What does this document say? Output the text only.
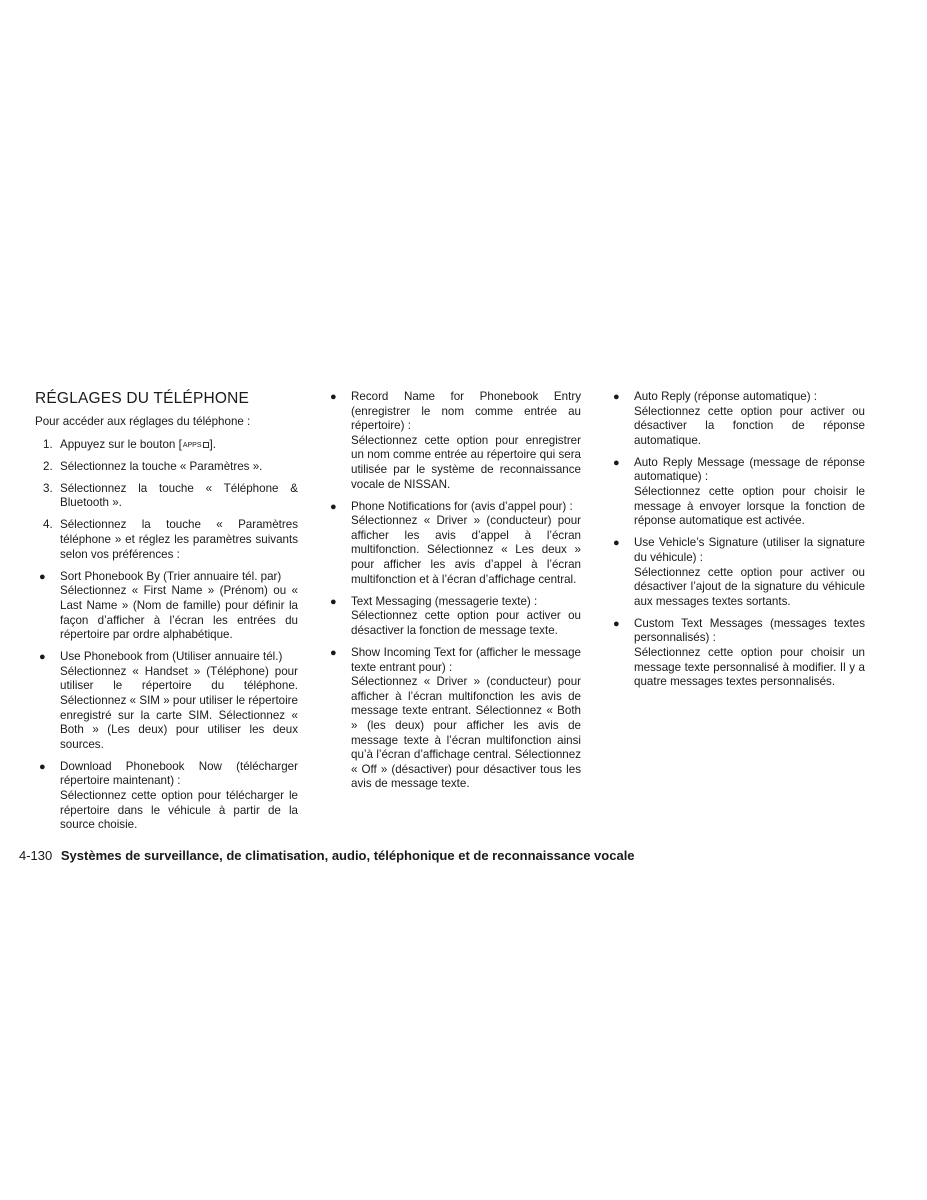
RÉGLAGES DU TÉLÉPHONE
Pour accéder aux réglages du téléphone :
1. Appuyez sur le bouton [APPS ].
2. Sélectionnez la touche « Paramètres ».
3. Sélectionnez la touche « Téléphone & Bluetooth ».
4. Sélectionnez la touche « Paramètres téléphone » et réglez les paramètres suivants selon vos préférences :
● Sort Phonebook By (Trier annuaire tél. par)
Sélectionnez « First Name » (Prénom) ou « Last Name » (Nom de famille) pour définir la façon d’afficher à l’écran les entrées du répertoire par ordre alphabétique.
● Use Phonebook from (Utiliser annuaire tél.)
Sélectionnez « Handset » (Téléphone) pour utiliser le répertoire du téléphone. Sélectionnez « SIM » pour utiliser le répertoire enregistré sur la carte SIM. Sélectionnez « Both » (Les deux) pour utiliser les deux sources.
● Download Phonebook Now (télécharger répertoire maintenant) :
Sélectionnez cette option pour télécharger le répertoire dans le véhicule à partir de la source choisie.
● Record Name for Phonebook Entry (enregistrer le nom comme entrée au répertoire) :
Sélectionnez cette option pour enregistrer un nom comme entrée au répertoire qui sera utilisée par le système de reconnaissance vocale de NISSAN.
● Phone Notifications for (avis d’appel pour) :
Sélectionnez « Driver » (conducteur) pour afficher les avis d’appel à l’écran multifonction. Sélectionnez « Les deux » pour afficher les avis d’appel à l’écran multifonction et à l’écran d’affichage central.
● Text Messaging (messagerie texte) :
Sélectionnez cette option pour activer ou désactiver la fonction de message texte.
● Show Incoming Text for (afficher le message texte entrant pour) :
Sélectionnez « Driver » (conducteur) pour afficher à l’écran multifonction les avis de message texte entrant. Sélectionnez « Both » (les deux) pour afficher les avis de message texte à l’écran multifonction ainsi qu’à l’écran d’affichage central. Sélectionnez « Off » (désactiver) pour désactiver tous les avis de message texte.
● Auto Reply (réponse automatique) :
Sélectionnez cette option pour activer ou désactiver la fonction de réponse automatique.
● Auto Reply Message (message de réponse automatique) :
Sélectionnez cette option pour choisir le message à envoyer lorsque la fonction de réponse automatique est activée.
● Use Vehicle’s Signature (utiliser la signature du véhicule) :
Sélectionnez cette option pour activer ou désactiver l’ajout de la signature du véhicule aux messages textes sortants.
● Custom Text Messages (messages textes personnalisés) :
Sélectionnez cette option pour choisir un message texte personnalisé à modifier. Il y a quatre messages textes personnalisés.
4-130 Systèmes de surveillance, de climatisation, audio, téléphonique et de reconnaissance vocale
